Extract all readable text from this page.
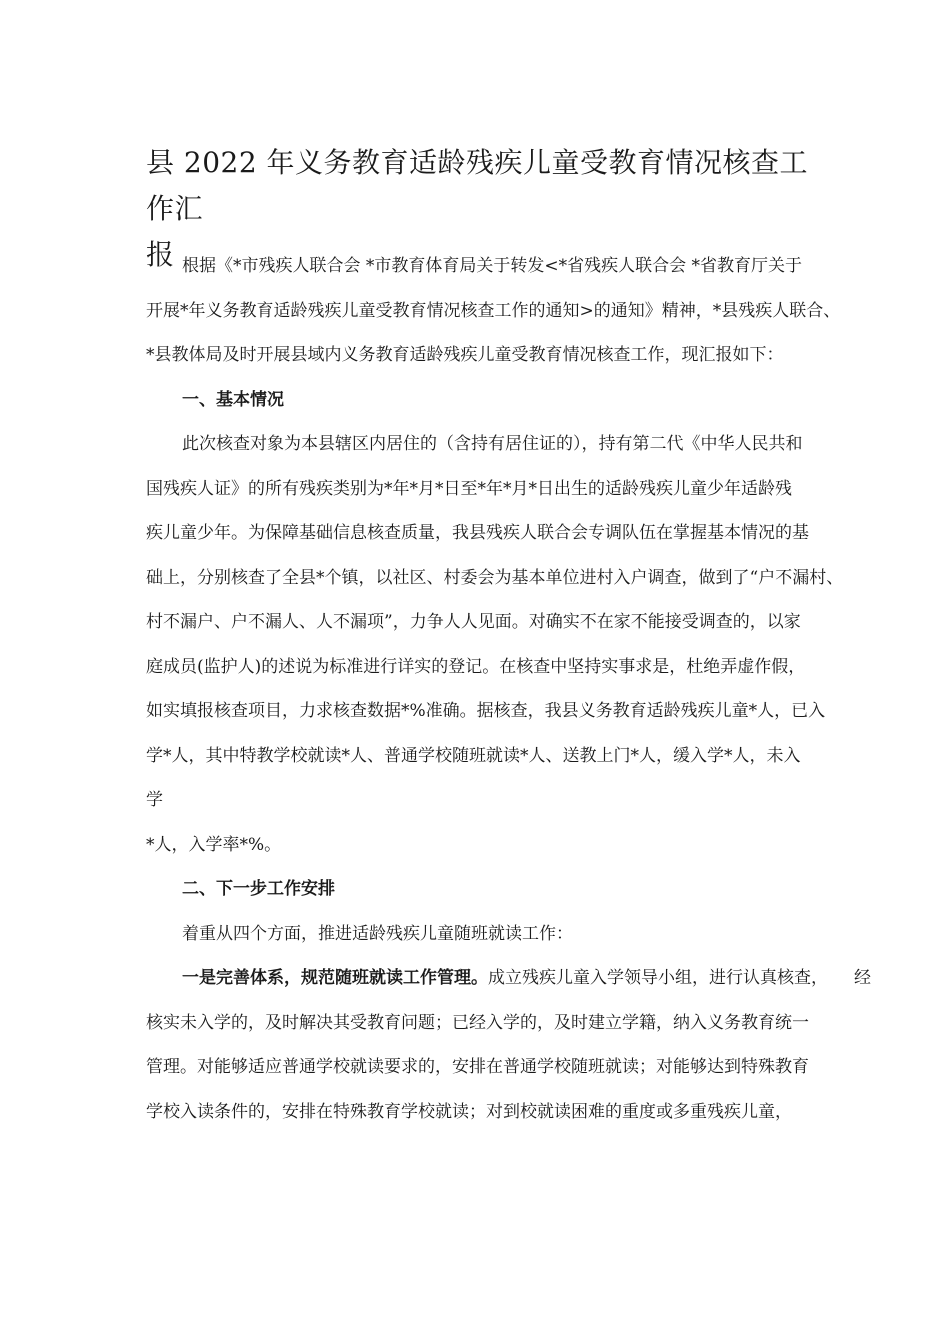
县 2022 年义务教育适龄残疾儿童受教育情况核查工作汇
报 根据《*市残疾人联合会 *市教育体育局关于转发<*省残疾人联合会 *省教育厅关于
开展*年义务教育适龄残疾儿童受教育情况核查工作的通知>的通知》精神，*县残疾人联合、
*县教体局及时开展县域内义务教育适龄残疾儿童受教育情况核查工作，现汇报如下：
一、基本情况
此次核查对象为本县辖区内居住的（含持有居住证的），持有第二代《中华人民共和
国残疾人证》的所有残疾类别为*年*月*日至*年*月*日出生的适龄残疾儿童少年适龄残
疾儿童少年。为保障基础信息核查质量，我县残疾人联合会专调队伍在掌握基本情况的基
础上，分别核查了全县*个镇，以社区、村委会为基本单位进村入户调查，做到了“户不漏村、
村不漏户、户不漏人、人不漏项”，力争人人见面。对确实不在家不能接受调查的，以家
庭成员(监护人)的述说为标准进行详实的登记。在核查中坚持实事求是，杜绝弄虚作假，
如实填报核查项目，力求核查数据*%准确。据核查，我县义务教育适龄残疾儿童*人，已入
学*人，其中特教学校就读*人、普通学校随班就读*人、送教上门*人，缓入学*人，未入
学
*人，入学率*%。
二、下一步工作安排
着重从四个方面，推进适龄残疾儿童随班就读工作：
一是完善体系，规范随班就读工作管理。成立残疾儿童入学领导小组，进行认真核查， 经
核实未入学的，及时解决其受教育问题；已经入学的，及时建立学籍，纳入义务教育统一
管理。对能够适应普通学校就读要求的，安排在普通学校随班就读；对能够达到特殊教育
学校入读条件的，安排在特殊教育学校就读；对到校就读困难的重度或多重残疾儿童，
